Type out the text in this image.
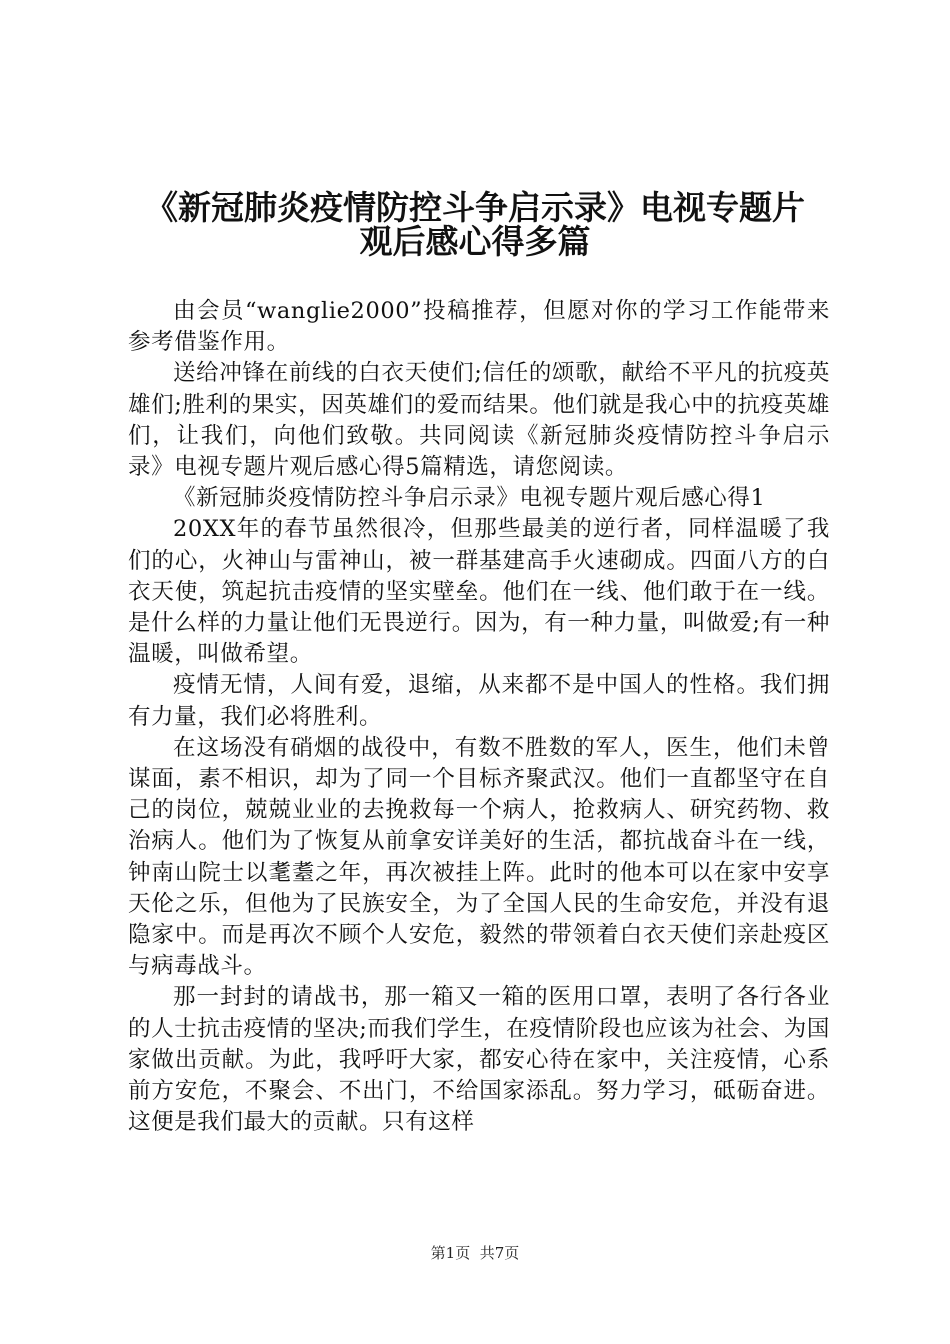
《新冠肺炎疫情防控斗争启示录》电视专题片
观后感心得多篇

由会员“wanglie2000”投稿推荐，但愿对你的学习工作能带来参考借鉴作用。

送给冲锋在前线的白衣天使们;信任的颂歌，献给不平凡的抗疫英雄们;胜利的果实，因英雄们的爱而结果。他们就是我心中的抗疫英雄们，让我们，向他们致敬。共同阅读《新冠肺炎疫情防控斗争启示录》电视专题片观后感心得5篇精选，请您阅读。

《新冠肺炎疫情防控斗争启示录》电视专题片观后感心得1

20XX年的春节虽然很冷，但那些最美的逆行者，同样温暖了我们的心，火神山与雷神山，被一群基建高手火速砌成。四面八方的白衣天使，筑起抗击疫情的坚实壁垒。他们在一线、他们敢于在一线。是什么样的力量让他们无畏逆行。因为，有一种力量，叫做爱;有一种温暖，叫做希望。

疫情无情，人间有爱，退缩，从来都不是中国人的性格。我们拥有力量，我们必将胜利。

在这场没有硝烟的战役中，有数不胜数的军人，医生，他们未曾谋面，素不相识，却为了同一个目标齐聚武汉。他们一直都坚守在自己的岗位，兢兢业业的去挽救每一个病人，抢救病人、研究药物、救治病人。他们为了恢复从前拿安详美好的生活，都抗战奋斗在一线，钟南山院士以耄耋之年，再次被挂上阵。此时的他本可以在家中安享天伦之乐，但他为了民族安全，为了全国人民的生命安危，并没有退隐家中。而是再次不顾个人安危，毅然的带领着白衣天使们亲赴疫区与病毒战斗。

那一封封的请战书，那一箱又一箱的医用口罩，表明了各行各业的人士抗击疫情的坚决;而我们学生，在疫情阶段也应该为社会、为国家做出贡献。为此，我呼吁大家，都安心待在家中，关注疫情，心系前方安危，不聚会、不出门，不给国家添乱。努力学习，砥砺奋进。这便是我们最大的贡献。只有这样

第1页 共7页
